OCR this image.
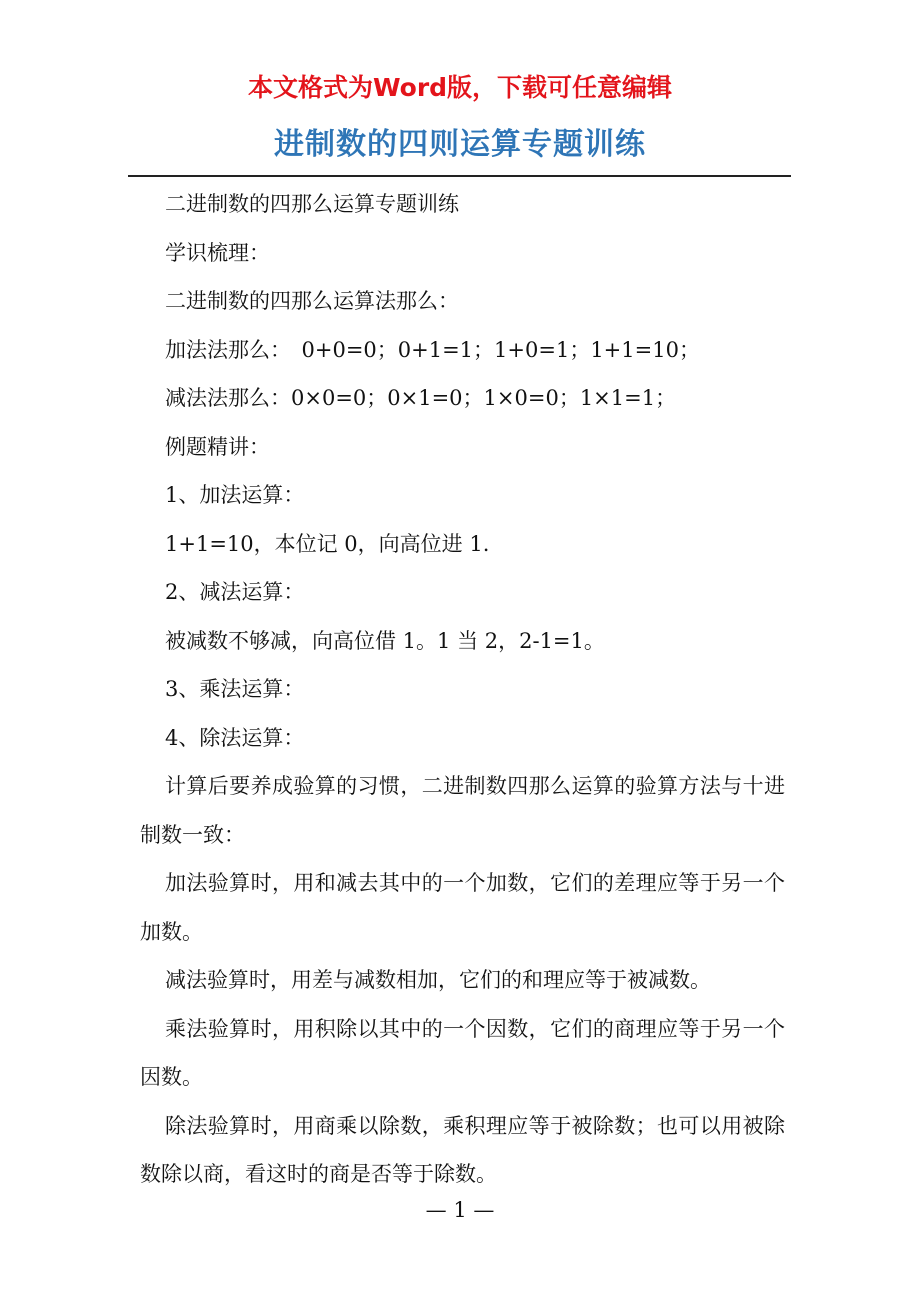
本文格式为Word版，下载可任意编辑
进制数的四则运算专题训练

二进制数的四那么运算专题训练

学识梳理：

二进制数的四那么运算法那么：

加法法那么：　0+0=0；0+1=1；1+0=1；1+1=10；

减法法那么：0×0=0；0×1=0；1×0=0；1×1=1；

例题精讲：

1、加法运算：

1+1=10，本位记 0，向高位进 1.

2、减法运算：

被减数不够减，向高位借 1。1 当 2，2-1=1。

3、乘法运算：

4、除法运算：

计算后要养成验算的习惯，二进制数四那么运算的验算方法与十进制数一致：

加法验算时，用和减去其中的一个加数，它们的差理应等于另一个加数。

减法验算时，用差与减数相加，它们的和理应等于被减数。

乘法验算时，用积除以其中的一个因数，它们的商理应等于另一个因数。

除法验算时，用商乘以除数，乘积理应等于被除数；也可以用被除数除以商，看这时的商是否等于除数。

— 1 —
